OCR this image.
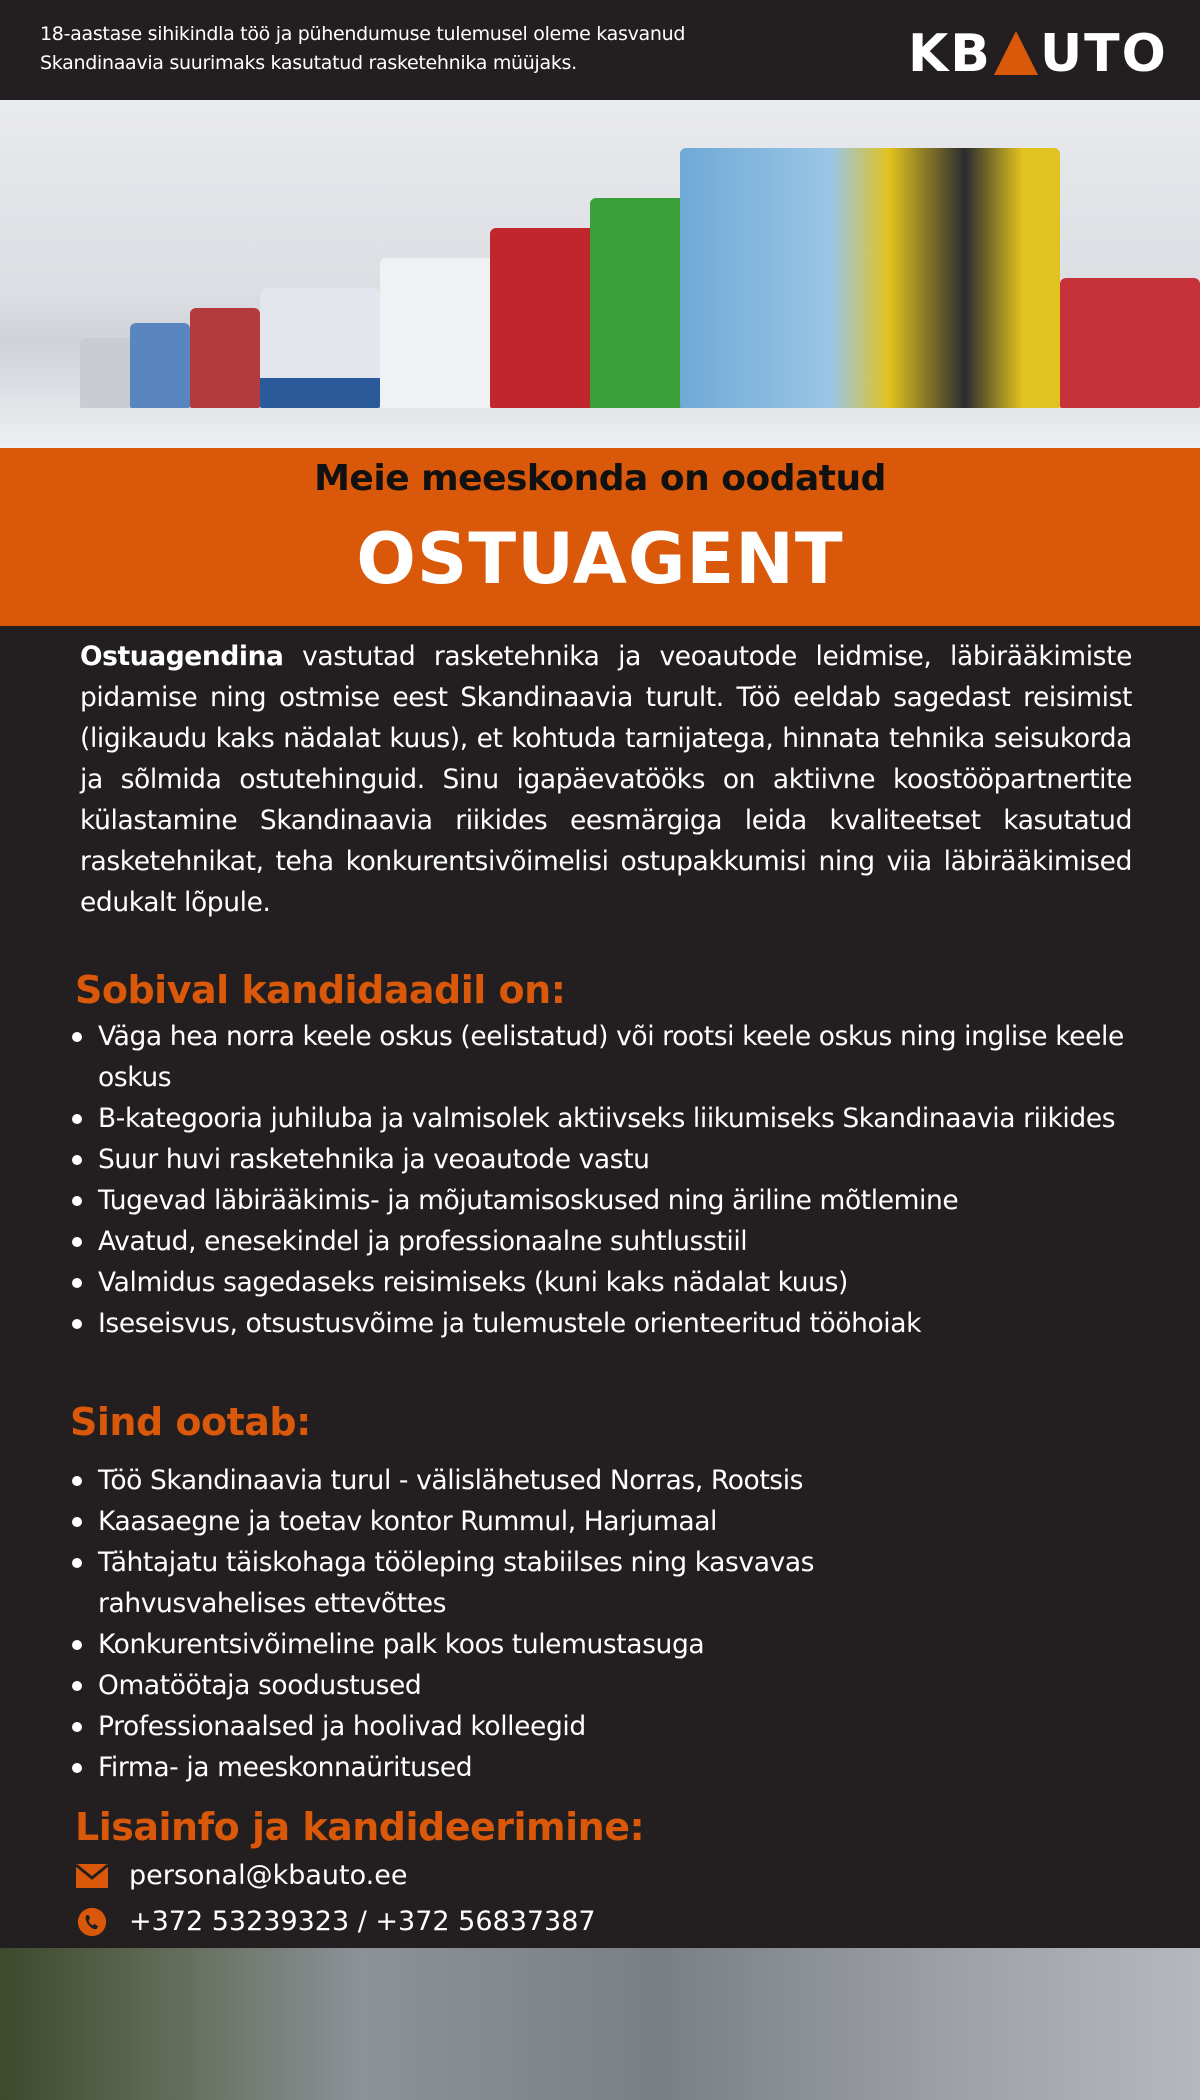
18-aastase sihikindla töö ja pühendumuse tulemusel oleme kasvanud
Skandinaavia suurimaks kasutatud rasketehnika müüjaks.	KB UTO
Meie meeskonda on oodatud
OSTUAGENT

Ostuagendina vastutad rasketehnika ja veoautode leidmise, läbirääkimiste pidamise ning ostmise eest Skandinaavia turult. Töö eeldab sagedast reisimist (ligikaudu kaks nädalat kuus), et kohtuda tarnijatega, hinnata tehnika seisukorda ja sõlmida ostutehinguid. Sinu igapäevatööks on aktiivne koostööpartnertite külastamine Skandinaavia riikides eesmärgiga leida kvaliteetset kasutatud rasketehnikat, teha konkurentsivõimelisi ostupakkumisi ning viia läbirääkimised edukalt lõpule.

Sobival kandidaadil on:
Väga hea norra keele oskus (eelistatud) või rootsi keele oskus ning inglise keele oskus
B-kategooria juhiluba ja valmisolek aktiivseks liikumiseks Skandinaavia riikides
Suur huvi rasketehnika ja veoautode vastu
Tugevad läbirääkimis- ja mõjutamisoskused ning äriline mõtlemine
Avatud, enesekindel ja professionaalne suhtlusstiil
Valmidus sagedaseks reisimiseks (kuni kaks nädalat kuus)
Iseseisvus, otsustusvõime ja tulemustele orienteeritud tööhoiak
Sind ootab:
Töö Skandinaavia turul - välislähetused Norras, Rootsis
Kaasaegne ja toetav kontor Rummul, Harjumaal
Tähtajatu täiskohaga tööleping stabiilses ning kasvavas rahvusvahelises ettevõttes
Konkurentsivõimeline palk koos tulemustasuga
Omatöötaja soodustused
Professionaalsed ja hoolivad kolleegid
Firma- ja meeskonnaüritused
Lisainfo ja kandideerimine:
personal@kbauto.ee
+372 53239323 / +372 56837387
